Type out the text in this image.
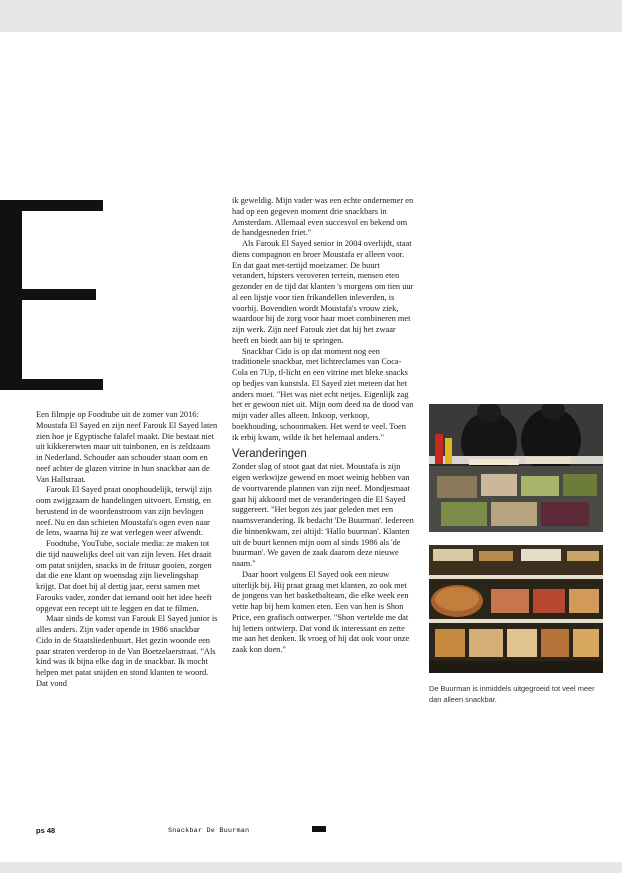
Een filmpje op Foodtube uit de zomer van 2016: Moustafa El Sayed en zijn neef Farouk El Sayed laten zien hoe je Egyptische falafel maakt. Die bestaat niet uit kikkererwten maar uit tuinbonen, en is zeldzaam in Nederland. Schouder aan schouder staan oom en neef achter de glazen vitrine in hun snackbar aan de Van Hallstraat.

Farouk El Sayed praat onophoudelijk, terwijl zijn oom zwijgzaam de handelingen uitvoert. Ernstig, en berustend in de woordenstroom van zijn bevlogen neef. Nu en dan schieten Moustafa's ogen even naar de lens, waarna hij ze wat verlegen weer afwendt.

Foodtube, YouTube, sociale media: ze maken tot die tijd nauwelijks deel uit van zijn leven. Het draait om patat snijden, snacks in de frituur gooien, zorgen dat die ene klant op woensdag zijn lievelingshap krijgt. Dat doet hij al dertig jaar, eerst samen met Farouks vader, zonder dat iemand ooit het idee heeft opgevat een recept uit te leggen en dat te filmen.

Maar sinds de komst van Farouk El Sayed junior is alles anders. Zijn vader opende in 1986 snackbar Cido in de Staatsliedenbuurt. Het gezin woonde een paar straten verderop in de Van Boetzelaerstraat. "Als kind was ik bijna elke dag in de snackbar. Ik mocht helpen met patat snijden en stond klanten te woord. Dat vond

ik geweldig. Mijn vader was een echte ondernemer en had op een gegeven moment drie snackbars in Amsterdam. Allemaal even succesvol en bekend om de handgesneden friet."

Als Farouk El Sayed senior in 2004 overlijdt, staat diens compagnon en broer Moustafa er alleen voor. En dat gaat met-tertijd moeizamer. De buurt verandert, hipsters veroveren terrein, mensen eten gezonder en de tijd dat klanten 's morgens om tien uur al een lijstje voor tien frikandellen inleverden, is voorbij. Bovendien wordt Moustafa's vrouw ziek, waardoor hij de zorg voor haar moet combineren met zijn werk. Zijn neef Farouk ziet dat hij het zwaar heeft en biedt aan bij te springen.

Snackbar Cido is op dat moment nog een traditionele snackbar, met lichtreclames van Coca-Cola en 7Up, tl-licht en een vitrine met bleke snacks op bedjes van kunstsla. El Sayed ziet meteen dat het anders moet. "Het was niet echt netjes. Eigenlijk zag het er gewoon niet uit. Mijn oom deed na de dood van mijn vader alles alleen. Inkoop, verkoop, boekhouding, schoonmaken. Het werd te veel. Toen ik erbij kwam, wilde ik het helemaal anders."

Veranderingen

Zonder slag of stoot gaat dat niet. Moustafa is zijn eigen werkwijze gewend en moet weinig hebben van de voortvarende plannen van zijn neef. Mondjesmaat gaat hij akkoord met de veranderingen die El Sayed suggereert. "Het begon zes jaar geleden met een naamsverandering. Ik bedacht 'De Buurman'. Iedereen die binnenkwam, zei altijd: 'Hallo buurman'. Klanten uit de buurt kennen mijn oom al sinds 1986 als 'de buurman'. We gaven de zaak daarom deze nieuwe naam."

Daar hoort volgens El Sayed ook een nieuw uiterlijk bij. Hij praat graag met klanten, zo ook met de jongens van het basketbalteam, die elke week een vette hap bij hem komen eten. Een van hen is Shon Price, een grafisch ontwerper. "Shon vertelde me dat hij letters ontwierp. Dat vond ik interessant en zette me aan het denken. Ik vroeg of hij dat ook voor onze zaak kon doen."

De Buurman is inmiddels uitgegroeid tot veel meer dan alleen snackbar.
ps 48	Snackbar De Buurman
